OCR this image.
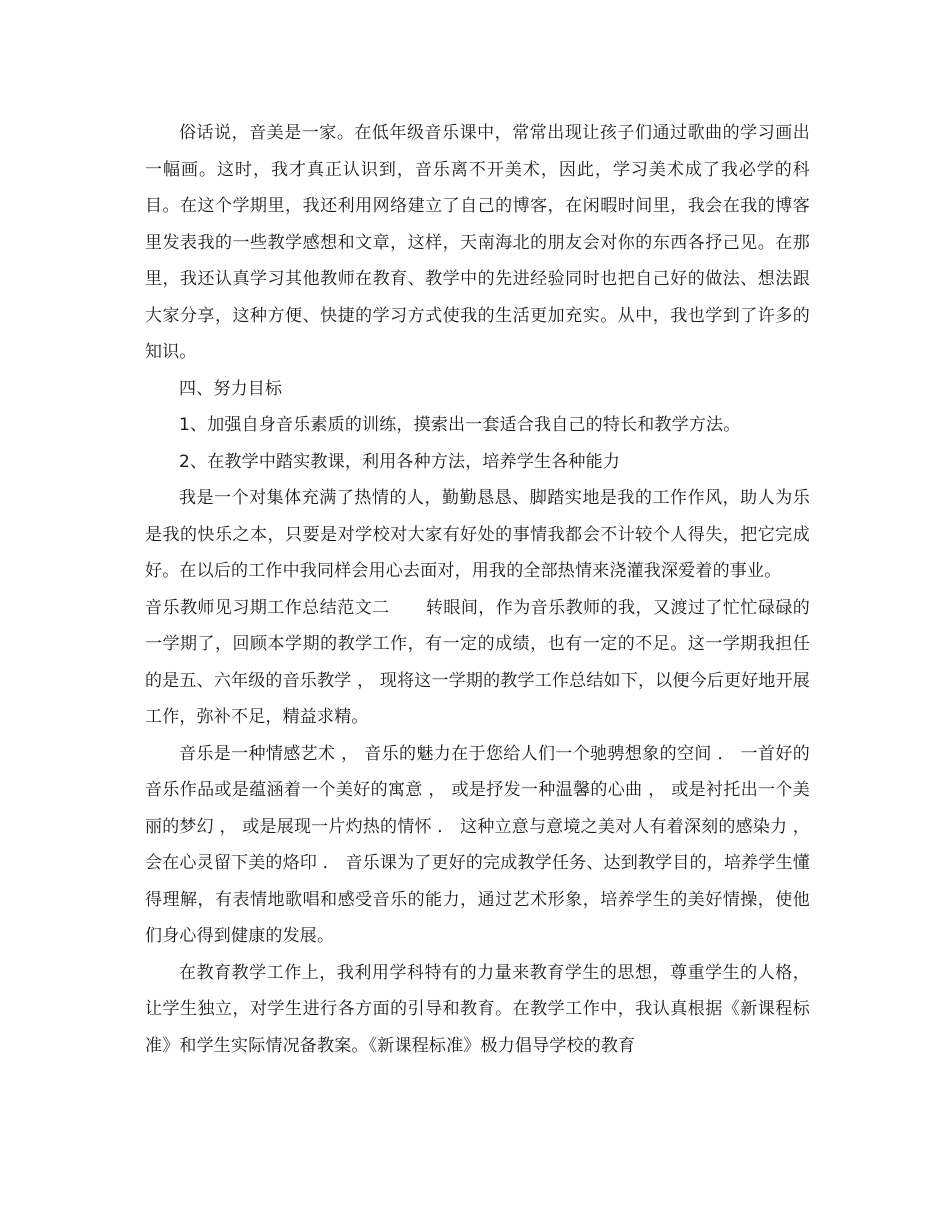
俗话说，音美是一家。在低年级音乐课中，常常出现让孩子们通过歌曲的学习画出一幅画。这时，我才真正认识到，音乐离不开美术，因此，学习美术成了我必学的科目。在这个学期里，我还利用网络建立了自己的博客，在闲暇时间里，我会在我的博客里发表我的一些教学感想和文章，这样，天南海北的朋友会对你的东西各抒己见。在那里，我还认真学习其他教师在教育、教学中的先进经验同时也把自己好的做法、想法跟大家分享，这种方便、快捷的学习方式使我的生活更加充实。从中，我也学到了许多的知识。

四、努力目标

1、加强自身音乐素质的训练，摸索出一套适合我自己的特长和教学方法。

2、在教学中踏实教课，利用各种方法，培养学生各种能力

我是一个对集体充满了热情的人，勤勤恳恳、脚踏实地是我的工作作风，助人为乐是我的快乐之本，只要是对学校对大家有好处的事情我都会不计较个人得失，把它完成好。在以后的工作中我同样会用心去面对，用我的全部热情来浇灌我深爱着的事业。

音乐教师见习期工作总结范文二 转眼间，作为音乐教师的我，又渡过了忙忙碌碌的一学期了，回顾本学期的教学工作，有一定的成绩，也有一定的不足。这一学期我担任的是五、六年级的音乐教学 ， 现将这一学期的教学工作总结如下，以便今后更好地开展工作，弥补不足，精益求精。

音乐是一种情感艺术 ， 音乐的魅力在于您给人们一个驰骋想象的空间 ． 一首好的音乐作品或是蕴涵着一个美好的寓意 ， 或是抒发一种温馨的心曲 ， 或是衬托出一个美丽的梦幻 ， 或是展现一片灼热的情怀 ． 这种立意与意境之美对人有着深刻的感染力 ， 会在心灵留下美的烙印 ． 音乐课为了更好的完成教学任务、达到教学目的，培养学生懂得理解，有表情地歌唱和感受音乐的能力，通过艺术形象，培养学生的美好情操，使他们身心得到健康的发展。

在教育教学工作上，我利用学科特有的力量来教育学生的思想，尊重学生的人格，让学生独立，对学生进行各方面的引导和教育。在教学工作中，我认真根据《新课程标准》和学生实际情况备教案。《新课程标准》极力倡导学校的教育
